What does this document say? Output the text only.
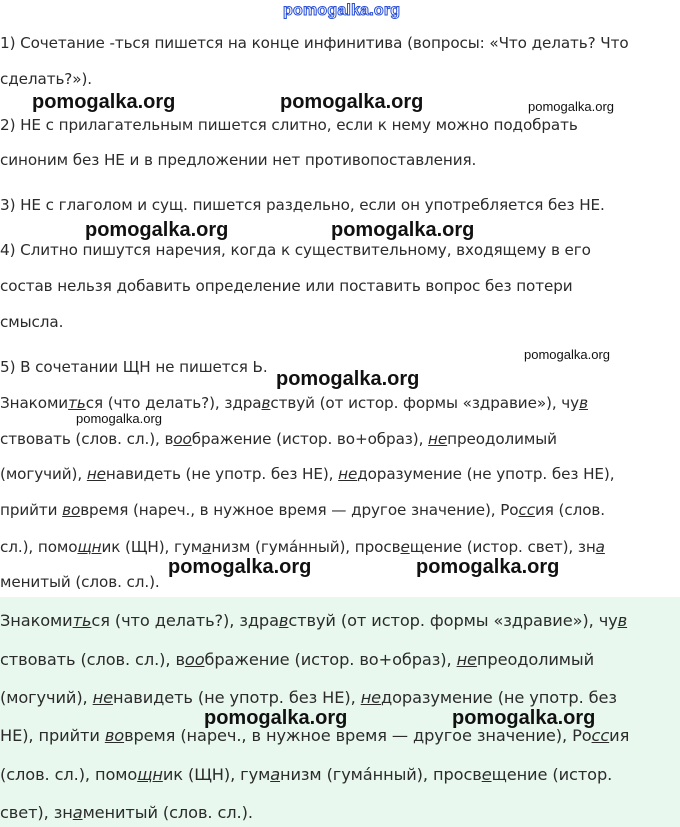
pomogalka.org
1) Сочетание -ться пишется на конце инфинитива (вопросы: «Что делать? Что
сделать?»).
2) НЕ с прилагательным пишется слитно, если к нему можно подобрать
синоним без НЕ и в предложении нет противопоставления.
3) НЕ с глаголом и сущ. пишется раздельно, если он употребляется без НЕ.
4) Слитно пишутся наречия, когда к существительному, входящему в его
состав нельзя добавить определение или поставить вопрос без потери
смысла.
5) В сочетании ЩН не пишется Ь.
Знакомиться (что делать?), здравствуй (от истор. формы «здравие»), чув
ствовать (слов. сл.), воображение (истор. во+образ), непреодолимый
(могучий), ненавидеть (не употр. без НЕ), недоразумение (не употр. без НЕ),
прийти вовремя (нареч., в нужное время — другое значение), Россия (слов.
сл.), помощник (ЩН), гуманизм (гума́нный), просвещение (истор. свет), зна
менитый (слов. сл.).
Знакомиться (что делать?), здравствуй (от истор. формы «здравие»), чув
ствовать (слов. сл.), воображение (истор. во+образ), непреодолимый
(могучий), ненавидеть (не употр. без НЕ), недоразумение (не употр. без
НЕ), прийти вовремя (нареч., в нужное время — другое значение), Россия
(слов. сл.), помощник (ЩН), гуманизм (гума́нный), просвещение (истор.
свет), знаменитый (слов. сл.).
pomogalka.org	pomogalka.org	pomogalka.org
pomogalka.org	pomogalka.org
pomogalka.org
pomogalka.org
pomogalka.org
pomogalka.org	pomogalka.org
pomogalka.org	pomogalka.org
